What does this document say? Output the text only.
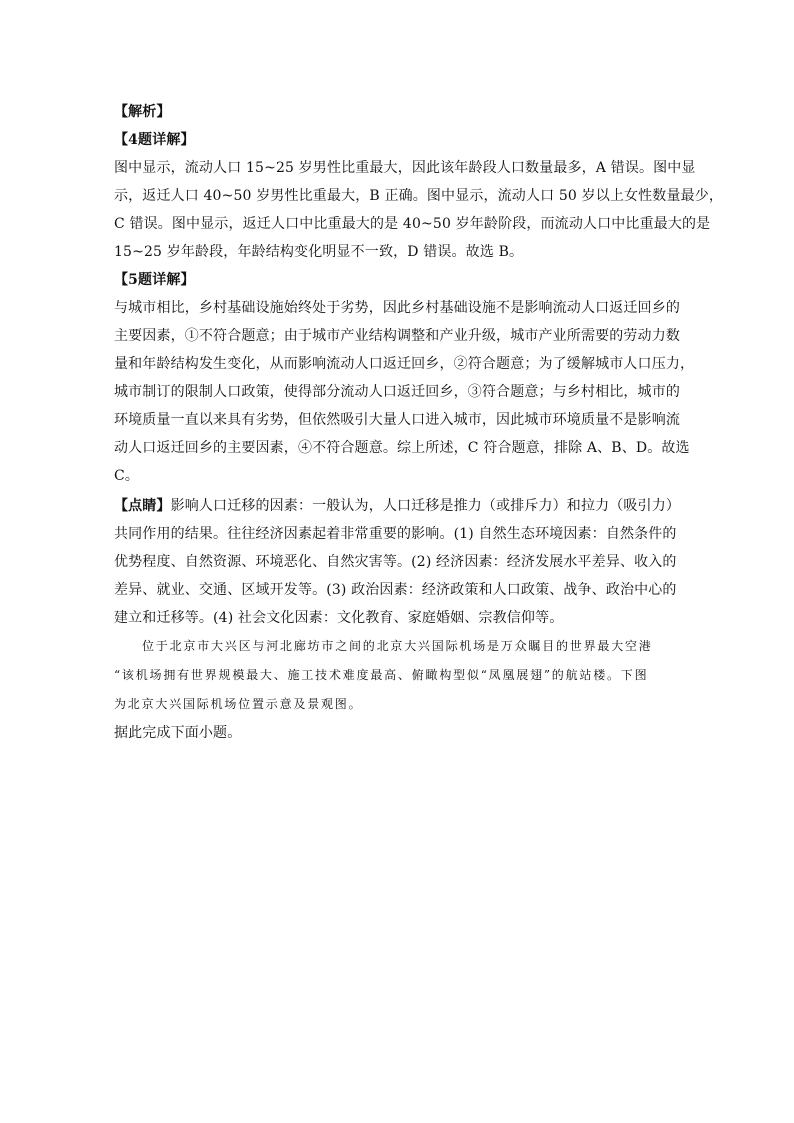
【解析】
【4题详解】
图中显示，流动人口 15~25 岁男性比重最大，因此该年龄段人口数量最多，A 错误。图中显
示，返迁人口 40~50 岁男性比重最大，B 正确。图中显示，流动人口 50 岁以上女性数量最少，
C 错误。图中显示，返迁人口中比重最大的是 40~50 岁年龄阶段，而流动人口中比重最大的是
15~25 岁年龄段，年龄结构变化明显不一致，D 错误。故选 B。
【5题详解】
与城市相比，乡村基础设施始终处于劣势，因此乡村基础设施不是影响流动人口返迁回乡的
主要因素，①不符合题意；由于城市产业结构调整和产业升级，城市产业所需要的劳动力数
量和年龄结构发生变化，从而影响流动人口返迁回乡，②符合题意；为了缓解城市人口压力，
城市制订的限制人口政策，使得部分流动人口返迁回乡，③符合题意；与乡村相比，城市的
环境质量一直以来具有劣势，但依然吸引大量人口进入城市，因此城市环境质量不是影响流
动人口返迁回乡的主要因素，④不符合题意。综上所述，C 符合题意，排除 A、B、D。故选
C。
【点睛】影响人口迁移的因素：一般认为，人口迁移是推力（或排斥力）和拉力（吸引力）
共同作用的结果。往往经济因素起着非常重要的影响。(1) 自然生态环境因素：自然条件的
优势程度、自然资源、环境恶化、自然灾害等。(2) 经济因素：经济发展水平差异、收入的
差异、就业、交通、区域开发等。(3) 政治因素：经济政策和人口政策、战争、政治中心的
建立和迁移等。(4) 社会文化因素：文化教育、家庭婚姻、宗教信仰等。
位于北京市大兴区与河北廊坊市之间的北京大兴国际机场是万众瞩目的世界最大空港
“该机场拥有世界规模最大、施工技术难度最高、俯瞰构型似“凤凰展翅”的航站楼。下图
为北京大兴国际机场位置示意及景观图。
据此完成下面小题。
